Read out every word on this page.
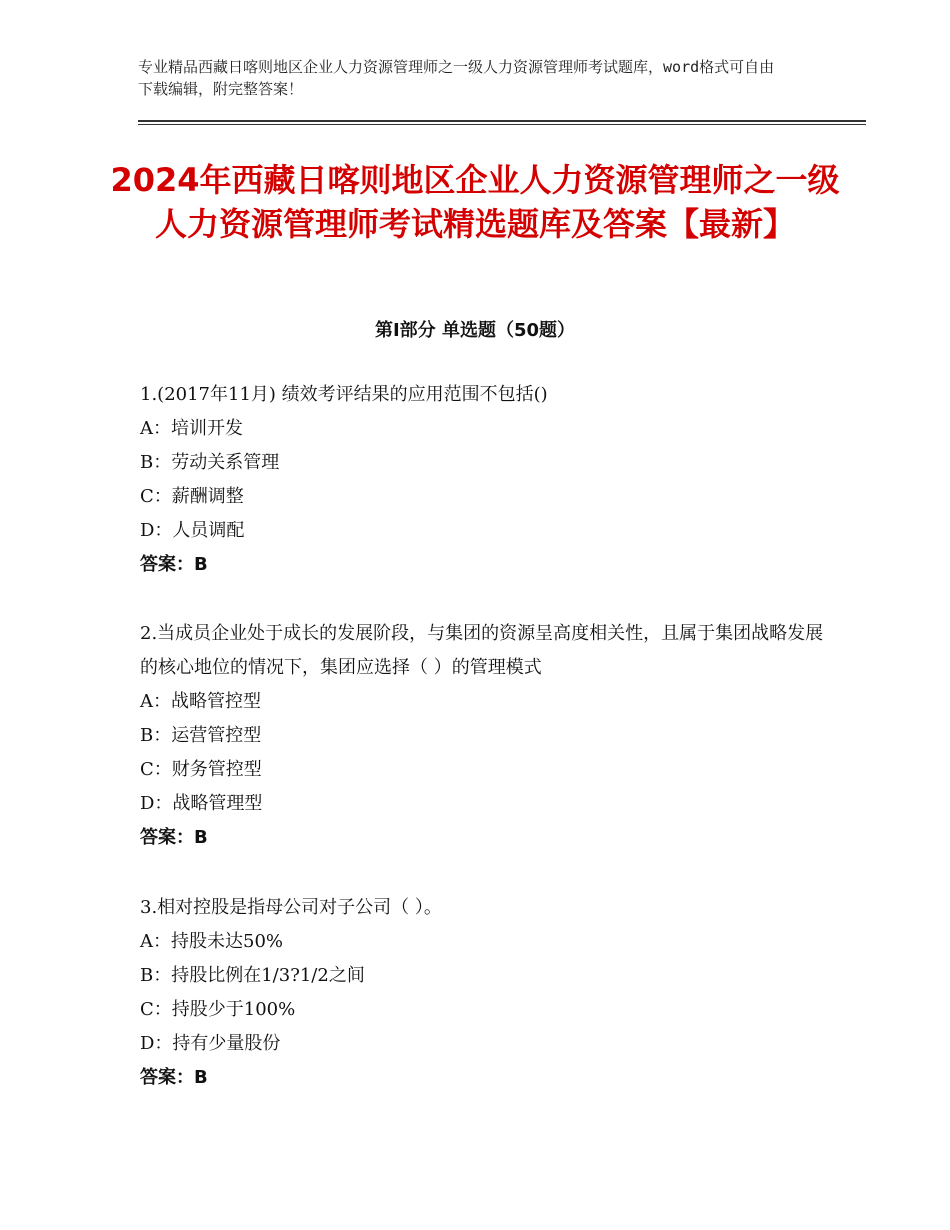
专业精品西藏日喀则地区企业人力资源管理师之一级人力资源管理师考试题库，word格式可自由下载编辑，附完整答案！
2024年西藏日喀则地区企业人力资源管理师之一级人力资源管理师考试精选题库及答案【最新】
第Ⅰ部分 单选题（50题）

1.(2017年11月) 绩效考评结果的应用范围不包括()

A：培训开发

B：劳动关系管理

C：薪酬调整

D：人员调配

答案：B

2.当成员企业处于成长的发展阶段，与集团的资源呈高度相关性，且属于集团战略发展的核心地位的情况下，集团应选择（ ）的管理模式

A：战略管控型

B：运营管控型

C：财务管控型

D：战略管理型

答案：B

3.相对控股是指母公司对子公司（ ）。

A：持股未达50%

B：持股比例在1/3?1/2之间

C：持股少于100%

D：持有少量股份

答案：B
